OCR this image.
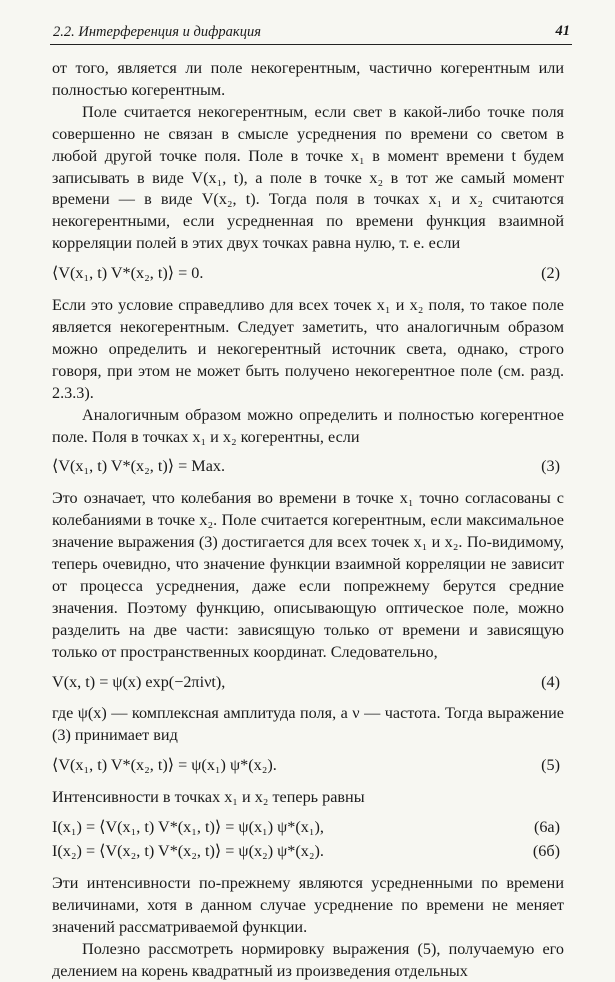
2.2. Интерференция и дифракция	41

от того, является ли поле некогерентным, частично когерентным или полностью когерентным.

Поле считается некогерентным, если свет в какой-либо точке поля совершенно не связан в смысле усреднения по времени со светом в любой другой точке поля. Поле в точке x₁ в момент времени t будем записывать в виде V(x₁, t), а поле в точке x₂ в тот же самый момент времени — в виде V(x₂, t). Тогда поля в точках x₁ и x₂ считаются некогерентными, если усредненная по времени функция взаимной корреляции полей в этих двух точках равна нулю, т. е. если

⟨V(x₁, t) V*(x₂, t)⟩ = 0.	(2)

Если это условие справедливо для всех точек x₁ и x₂ поля, то такое поле является некогерентным. Следует заметить, что аналогичным образом можно определить и некогерентный источник света, однако, строго говоря, при этом не может быть получено некогерентное поле (см. разд. 2.3.3).

Аналогичным образом можно определить и полностью когерентное поле. Поля в точках x₁ и x₂ когерентны, если

⟨V(x₁, t) V*(x₂, t)⟩ = Max.	(3)

Это означает, что колебания во времени в точке x₁ точно согласованы с колебаниями в точке x₂. Поле считается когерентным, если максимальное значение выражения (3) достигается для всех точек x₁ и x₂. По-видимому, теперь очевидно, что значение функции взаимной корреляции не зависит от процесса усреднения, даже если попрежнему берутся средние значения. Поэтому функцию, описывающую оптическое поле, можно разделить на две части: зависящую только от времени и зависящую только от пространственных координат. Следовательно,

V(x, t) = ψ(x) exp(−2πiνt),	(4)

где ψ(x) — комплексная амплитуда поля, а ν — частота. Тогда выражение (3) принимает вид

⟨V(x₁, t) V*(x₂, t)⟩ = ψ(x₁) ψ*(x₂).	(5)

Интенсивности в точках x₁ и x₂ теперь равны

I(x₁) = ⟨V(x₁, t) V*(x₁, t)⟩ = ψ(x₁) ψ*(x₁),	(6а)
I(x₂) = ⟨V(x₂, t) V*(x₂, t)⟩ = ψ(x₂) ψ*(x₂).	(6б)

Эти интенсивности по-прежнему являются усредненными по времени величинами, хотя в данном случае усреднение по времени не меняет значений рассматриваемой функции.

Полезно рассмотреть нормировку выражения (5), получаемую его делением на корень квадратный из произведения отдельных
